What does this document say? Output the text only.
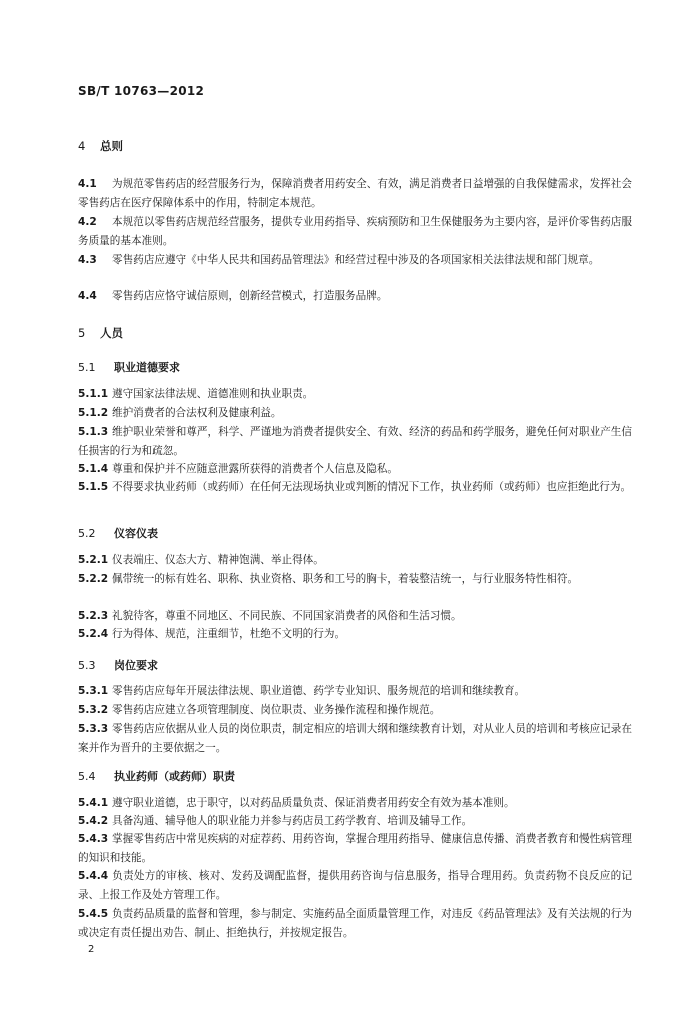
SB/T 10763—2012
4 总则
4.1 为规范零售药店的经营服务行为，保障消费者用药安全、有效，满足消费者日益增强的自我保健需求，发挥社会零售药店在医疗保障体系中的作用，特制定本规范。
4.2 本规范以零售药店规范经营服务，提供专业用药指导、疾病预防和卫生保健服务为主要内容，是评价零售药店服务质量的基本准则。
4.3 零售药店应遵守《中华人民共和国药品管理法》和经营过程中涉及的各项国家相关法律法规和部门规章。
4.4 零售药店应恪守诚信原则，创新经营模式，打造服务品牌。
5 人员
5.1 职业道德要求
5.1.1 遵守国家法律法规、道德准则和执业职责。
5.1.2 维护消费者的合法权利及健康利益。
5.1.3 维护职业荣誉和尊严，科学、严谨地为消费者提供安全、有效、经济的药品和药学服务，避免任何对职业产生信任损害的行为和疏忽。
5.1.4 尊重和保护并不应随意泄露所获得的消费者个人信息及隐私。
5.1.5 不得要求执业药师（或药师）在任何无法现场执业或判断的情况下工作，执业药师（或药师）也应拒绝此行为。
5.2 仪容仪表
5.2.1 仪表端庄、仪态大方、精神饱满、举止得体。
5.2.2 佩带统一的标有姓名、职称、执业资格、职务和工号的胸卡，着装整洁统一，与行业服务特性相符。
5.2.3 礼貌待客，尊重不同地区、不同民族、不同国家消费者的风俗和生活习惯。
5.2.4 行为得体、规范，注重细节，杜绝不文明的行为。
5.3 岗位要求
5.3.1 零售药店应每年开展法律法规、职业道德、药学专业知识、服务规范的培训和继续教育。
5.3.2 零售药店应建立各项管理制度、岗位职责、业务操作流程和操作规范。
5.3.3 零售药店应依据从业人员的岗位职责，制定相应的培训大纲和继续教育计划，对从业人员的培训和考核应记录在案并作为晋升的主要依据之一。
5.4 执业药师（或药师）职责
5.4.1 遵守职业道德，忠于职守，以对药品质量负责、保证消费者用药安全有效为基本准则。
5.4.2 具备沟通、辅导他人的职业能力并参与药店员工药学教育、培训及辅导工作。
5.4.3 掌握零售药店中常见疾病的对症荐药、用药咨询，掌握合理用药指导、健康信息传播、消费者教育和慢性病管理的知识和技能。
5.4.4 负责处方的审核、核对、发药及调配监督，提供用药咨询与信息服务，指导合理用药。负责药物不良反应的记录、上报工作及处方管理工作。
5.4.5 负责药品质量的监督和管理，参与制定、实施药品全面质量管理工作，对违反《药品管理法》及有关法规的行为或决定有责任提出劝告、制止、拒绝执行，并按规定报告。
2
